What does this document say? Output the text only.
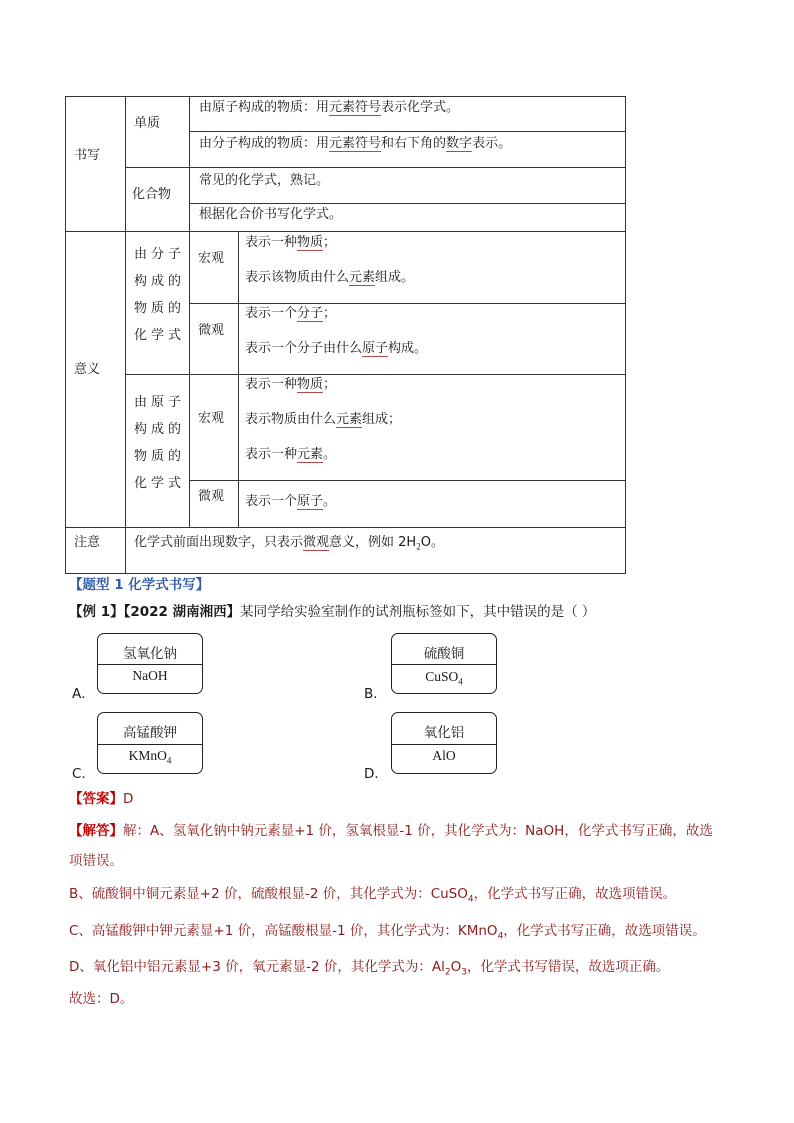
书写
意义
注意
单质
由原子构成的物质：用元素符号表示化学式。
由分子构成的物质：用元素符号和右下角的数字表示。
化合物
常见的化学式，熟记。
根据化合价书写化学式。
由分子
构成的
物质的
化学式
宏观
表示一种物质；
表示该物质由什么元素组成。
微观
表示一个分子；
表示一个分子由什么原子构成。
由原子
构成的
物质的
化学式
宏观
表示一种物质；
表示物质由什么元素组成；
表示一种元素。
微观 表示一个原子。
化学式前面出现数字，只表示微观意义，例如 $2H_2O$。
【题型 1 化学式书写】
【例 1】【2022 湖南湘西】某同学给实验室制作的试剂瓶标签如下，其中错误的是（ ）
A．
氢氧化钠
NaOH
B．
硫酸铜
CuSO$_4$
C．
高锰酸钾
KMnO$_4$
D．
氧化铝
AlO
【答案】D
【解答】解：A、氢氧化钠中钠元素显+1 价，氢氧根显-1 价，其化学式为：NaOH，化学式书写正确，故选
项错误。
B、硫酸铜中铜元素显+2 价，硫酸根显-2 价，其化学式为：CuSO$_4$，化学式书写正确，故选项错误。
C、高锰酸钾中钾元素显+1 价，高锰酸根显-1 价，其化学式为：KMnO$_4$，化学式书写正确，故选项错误。
D、氧化铝中铝元素显+3 价，氧元素显-2 价，其化学式为：$Al_2O_3$，化学式书写错误，故选项正确。
故选：D。
